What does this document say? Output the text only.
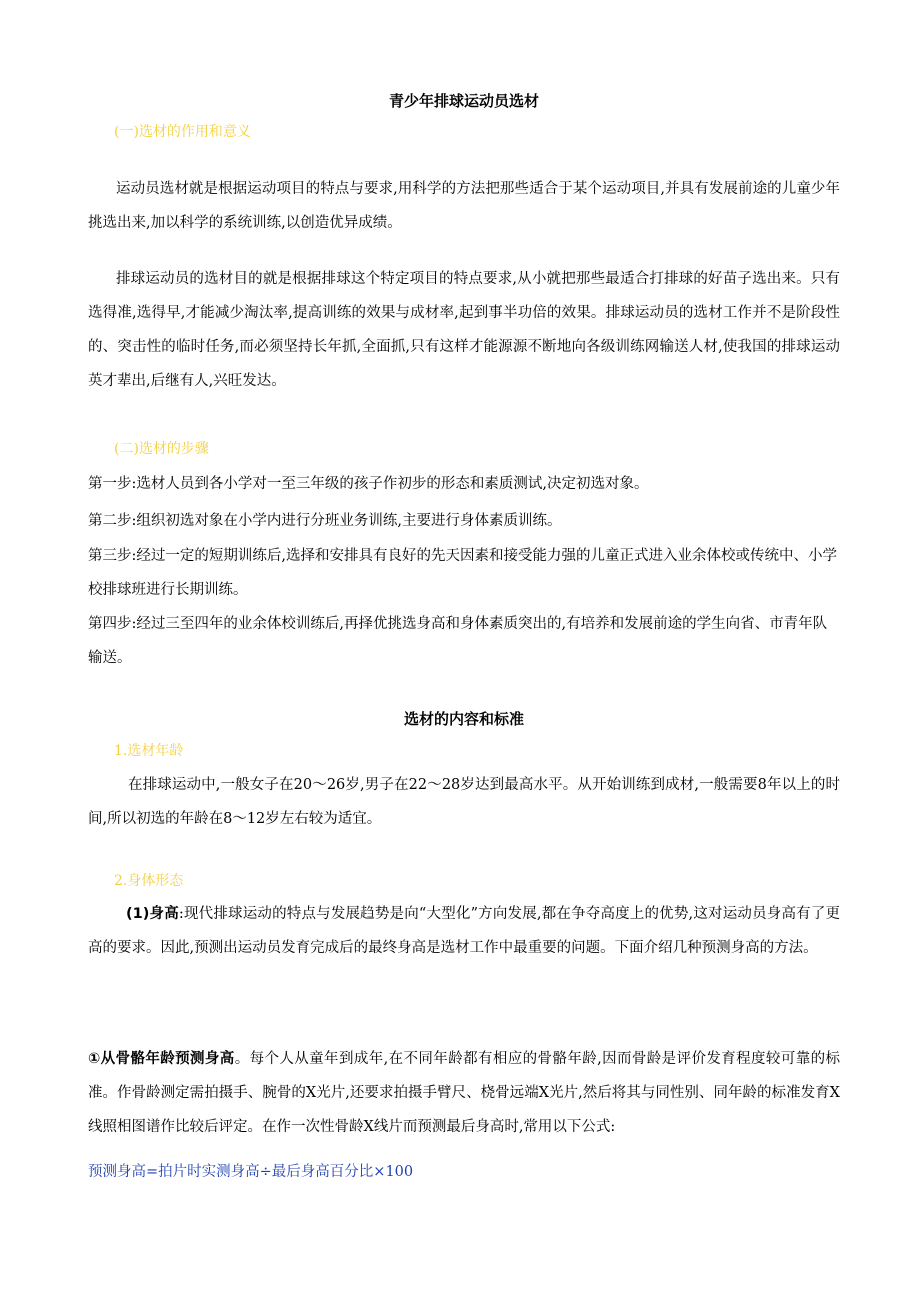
青少年排球运动员选材
(一)选材的作用和意义
运动员选材就是根据运动项目的特点与要求,用科学的方法把那些适合于某个运动项目,并具有发展前途的儿童少年挑选出来,加以科学的系统训练,以创造优异成绩。
排球运动员的选材目的就是根据排球这个特定项目的特点要求,从小就把那些最适合打排球的好苗子选出来。只有选得准,选得早,才能减少淘汰率,提高训练的效果与成材率,起到事半功倍的效果。排球运动员的选材工作并不是阶段性的、突击性的临时任务,而必须坚持长年抓,全面抓,只有这样才能源源不断地向各级训练网输送人材,使我国的排球运动英才辈出,后继有人,兴旺发达。
(二)选材的步骤
第一步:选材人员到各小学对一至三年级的孩子作初步的形态和素质测试,决定初选对象。
第二步:组织初选对象在小学内进行分班业务训练,主要进行身体素质训练。
第三步:经过一定的短期训练后,选择和安排具有良好的先天因素和接受能力强的儿童正式进入业余体校或传统中、小学校排球班进行长期训练。
第四步:经过三至四年的业余体校训练后,再择优挑选身高和身体素质突出的,有培养和发展前途的学生向省、市青年队输送。
选材的内容和标准
1.选材年龄
在排球运动中,一般女子在20～26岁,男子在22～28岁达到最高水平。从开始训练到成材,一般需要8年以上的时间,所以初选的年龄在8～12岁左右较为适宜。
2.身体形态
(1)身高:现代排球运动的特点与发展趋势是向“大型化”方向发展,都在争夺高度上的优势,这对运动员身高有了更高的要求。因此,预测出运动员发育完成后的最终身高是选材工作中最重要的问题。下面介绍几种预测身高的方法。
①从骨骼年龄预测身高。每个人从童年到成年,在不同年龄都有相应的骨骼年龄,因而骨龄是评价发育程度较可靠的标准。作骨龄测定需拍摄手、腕骨的X光片,还要求拍摄手臂尺、桡骨远端X光片,然后将其与同性别、同年龄的标准发育X线照相图谱作比较后评定。在作一次性骨龄X线片而预测最后身高时,常用以下公式:
预测身高=拍片时实测身高÷最后身高百分比×100
